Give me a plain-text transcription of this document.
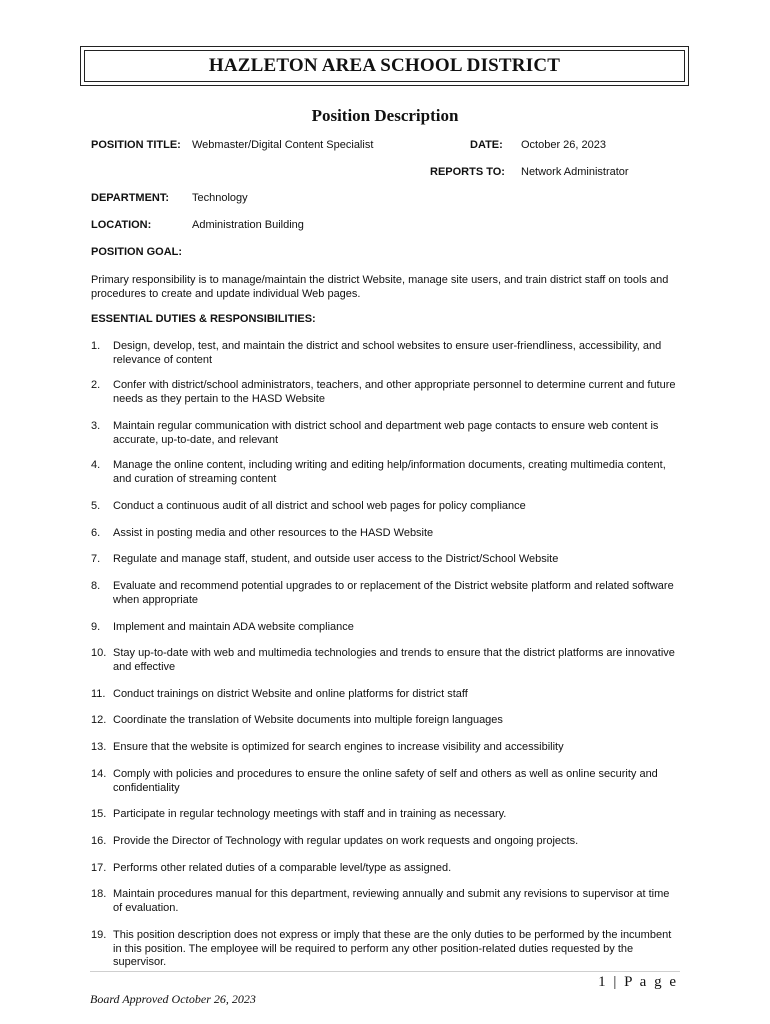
HAZLETON AREA SCHOOL DISTRICT
Position Description
POSITION TITLE: Webmaster/Digital Content Specialist	DATE: October 26, 2023
REPORTS TO: Network Administrator
DEPARTMENT: Technology
LOCATION:	Administration Building
POSITION GOAL:
Primary responsibility is to manage/maintain the district Website, manage site users, and train district staff on tools and procedures to create and update individual Web pages.
ESSENTIAL DUTIES & RESPONSIBILITIES:
1.	Design, develop, test, and maintain the district and school websites to ensure user-friendliness, accessibility, and relevance of content
2.	Confer with district/school administrators, teachers, and other appropriate personnel to determine current and future needs as they pertain to the HASD Website
3.	Maintain regular communication with district school and department web page contacts to ensure web content is accurate, up-to-date, and relevant
4.	Manage the online content, including writing and editing help/information documents, creating multimedia content, and curation of streaming content
5.	Conduct a continuous audit of all district and school web pages for policy compliance
6.	Assist in posting media and other resources to the HASD Website
7.	Regulate and manage staff, student, and outside user access to the District/School Website
8.	Evaluate and recommend potential upgrades to or replacement of the District website platform and related software when appropriate
9.	Implement and maintain ADA website compliance
10. Stay up-to-date with web and multimedia technologies and trends to ensure that the district platforms are innovative and effective
11. Conduct trainings on district Website and online platforms for district staff
12. Coordinate the translation of Website documents into multiple foreign languages
13. Ensure that the website is optimized for search engines to increase visibility and accessibility
14. Comply with policies and procedures to ensure the online safety of self and others as well as online security and confidentiality
15. Participate in regular technology meetings with staff and in training as necessary.
16. Provide the Director of Technology with regular updates on work requests and ongoing projects.
17. Performs other related duties of a comparable level/type as assigned.
18. Maintain procedures manual for this department, reviewing annually and submit any revisions to supervisor at time of evaluation.
19. This position description does not express or imply that these are the only duties to be performed by the incumbent in this position. The employee will be required to perform any other position-related duties requested by the supervisor.
1 | P a g e
Board Approved October 26, 2023
